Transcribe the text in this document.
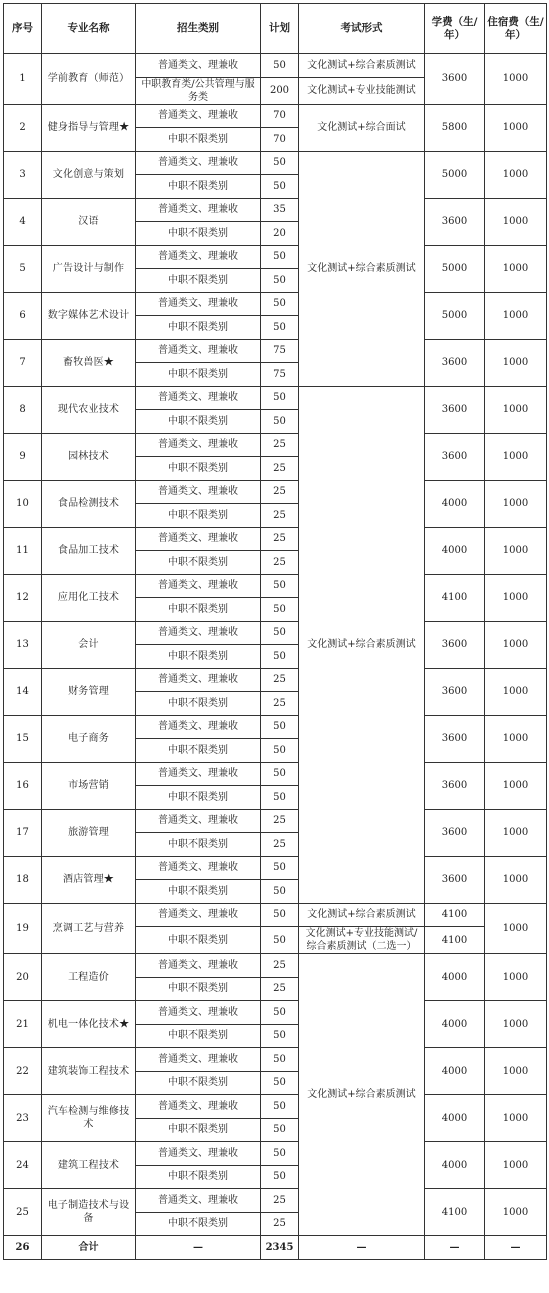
序号	专业名称	招生类别	计划	考试形式	学费（生/年）	住宿费（生/年）
1	学前教育（师范）	普通类文、理兼收	50	文化测试+综合素质测试	3600	1000
		中职教育类/公共管理与服务类	200	文化测试+专业技能测试		
2	健身指导与管理★	普通类文、理兼收	70	文化测试+综合面试	5800	1000
		中职不限类别	70			
3	文化创意与策划	普通类文、理兼收	50	文化测试+综合素质测试	5000	1000
		中职不限类别	50			
4	汉语	普通类文、理兼收	35		3600	1000
		中职不限类别	20			
5	广告设计与制作	普通类文、理兼收	50		5000	1000
		中职不限类别	50			
6	数字媒体艺术设计	普通类文、理兼收	50		5000	1000
		中职不限类别	50			
7	畜牧兽医★	普通类文、理兼收	75		3600	1000
		中职不限类别	75			
8	现代农业技术	普通类文、理兼收	50	文化测试+综合素质测试	3600	1000
		中职不限类别	50			
9	园林技术	普通类文、理兼收	25		3600	1000
		中职不限类别	25			
10	食品检测技术	普通类文、理兼收	25		4000	1000
		中职不限类别	25			
11	食品加工技术	普通类文、理兼收	25		4000	1000
		中职不限类别	25			
12	应用化工技术	普通类文、理兼收	50		4100	1000
		中职不限类别	50			
13	会计	普通类文、理兼收	50		3600	1000
		中职不限类别	50			
14	财务管理	普通类文、理兼收	25		3600	1000
		中职不限类别	25			
15	电子商务	普通类文、理兼收	50		3600	1000
		中职不限类别	50			
16	市场营销	普通类文、理兼收	50		3600	1000
		中职不限类别	50			
17	旅游管理	普通类文、理兼收	25		3600	1000
		中职不限类别	25			
18	酒店管理★	普通类文、理兼收	50		3600	1000
		中职不限类别	50			
19	烹调工艺与营养	普通类文、理兼收	50	文化测试+综合素质测试	4100	1000
		中职不限类别	50	文化测试+专业技能测试/综合素质测试（二选一）	4100	
20	工程造价	普通类文、理兼收	25	文化测试+综合素质测试	4000	1000
		中职不限类别	25			
21	机电一体化技术★	普通类文、理兼收	50		4000	1000
		中职不限类别	50			
22	建筑装饰工程技术	普通类文、理兼收	50		4000	1000
		中职不限类别	50			
23	汽车检测与维修技术	普通类文、理兼收	50		4000	1000
		中职不限类别	50			
24	建筑工程技术	普通类文、理兼收	50		4000	1000
		中职不限类别	50			
25	电子制造技术与设备	普通类文、理兼收	25		4100	1000
		中职不限类别	25			
26	合计	—	2345	—	—	—
